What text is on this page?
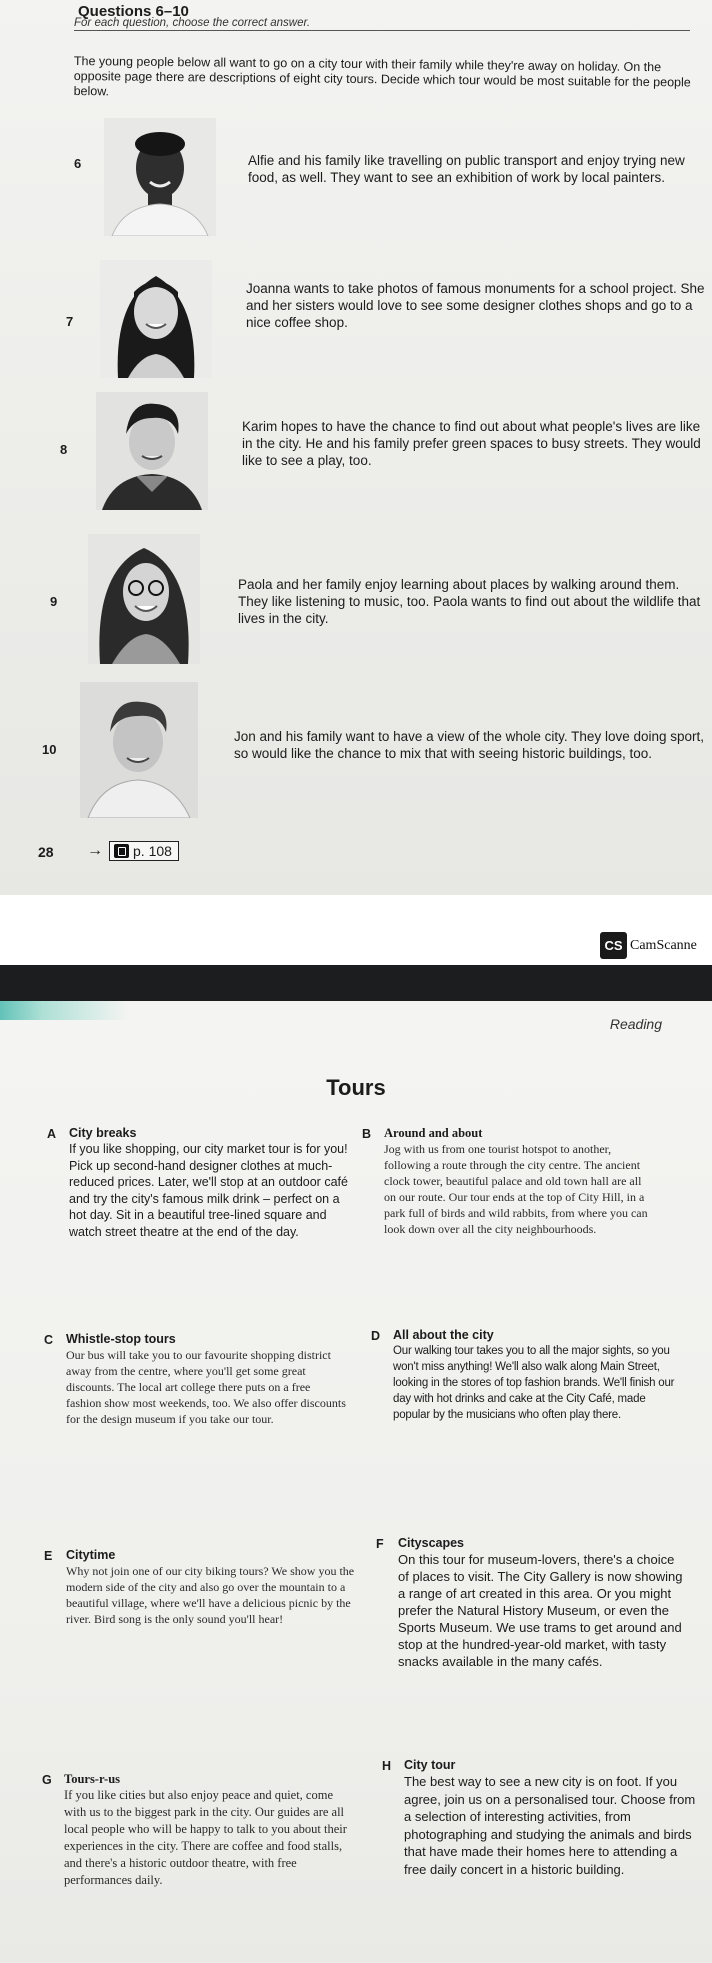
Questions 6–10
For each question, choose the correct answer.
The young people below all want to go on a city tour with their family while they're away on holiday. On the opposite page there are descriptions of eight city tours. Decide which tour would be most suitable for the people below.
6	Alfie and his family like travelling on public transport and enjoy trying new food, as well. They want to see an exhibition of work by local painters.
7
Joanna wants to take photos of famous monuments for a school project. She and her sisters would love to see some designer clothes shops and go to a nice coffee shop.
8
Karim hopes to have the chance to find out about what people's lives are like in the city. He and his family prefer green spaces to busy streets. They would like to see a play, too.
9
Paola and her family enjoy learning about places by walking around them. They like listening to music, too. Paola wants to find out about the wildlife that lives in the city.
10
Jon and his family want to have a view of the whole city. They love doing sport, so would like the chance to mix that with seeing historic buildings, too.
28 → p. 108
CS CamScanne
Reading
Tours
A City breaks
If you like shopping, our city market tour is for you! Pick up second-hand designer clothes at much-reduced prices. Later, we'll stop at an outdoor café and try the city's famous milk drink – perfect on a hot day. Sit in a beautiful tree-lined square and watch street theatre at the end of the day.
B Around and about
Jog with us from one tourist hotspot to another, following a route through the city centre. The ancient clock tower, beautiful palace and old town hall are all on our route. Our tour ends at the top of City Hill, in a park full of birds and wild rabbits, from where you can look down over all the city neighbourhoods.
C Whistle-stop tours
Our bus will take you to our favourite shopping district away from the centre, where you'll get some great discounts. The local art college there puts on a free fashion show most weekends, too. We also offer discounts for the design museum if you take our tour.
D All about the city
Our walking tour takes you to all the major sights, so you won't miss anything! We'll also walk along Main Street, looking in the stores of top fashion brands. We'll finish our day with hot drinks and cake at the City Café, made popular by the musicians who often play there.
E Citytime
Why not join one of our city biking tours? We show you the modern side of the city and also go over the mountain to a beautiful village, where we'll have a delicious picnic by the river. Bird song is the only sound you'll hear!
F Cityscapes
On this tour for museum-lovers, there's a choice of places to visit. The City Gallery is now showing a range of art created in this area. Or you might prefer the Natural History Museum, or even the Sports Museum. We use trams to get around and stop at the hundred-year-old market, with tasty snacks available in the many cafés.
G Tours-r-us
If you like cities but also enjoy peace and quiet, come with us to the biggest park in the city. Our guides are all local people who will be happy to talk to you about their experiences in the city. There are coffee and food stalls, and there's a historic outdoor theatre, with free performances daily.
H City tour
The best way to see a new city is on foot. If you agree, join us on a personalised tour. Choose from a selection of interesting activities, from photographing and studying the animals and birds that have made their homes here to attending a free daily concert in a historic building.
